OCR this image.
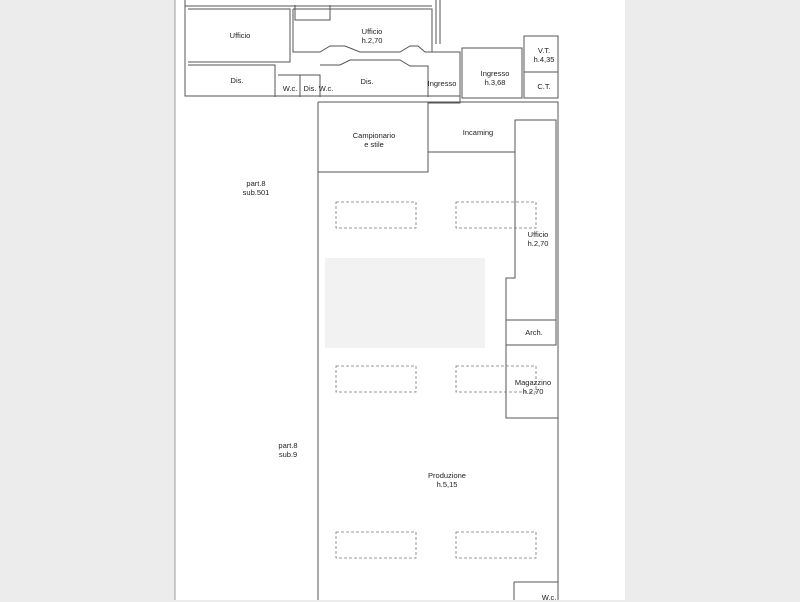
Ufficio	Ufficio
h.2,70
Dis.
W.c. Dis. W.c.
Dis.	Ingresso
Ingresso
h.3,68
V.T.
h.4,35
C.T.
Campionario
e stile
Incaming
Ufficio
h.2,70
Arch.
Magazzino
h.2,70
Produzione
h.5,15
W.c.
part.8
sub.501
part.8
sub.9
